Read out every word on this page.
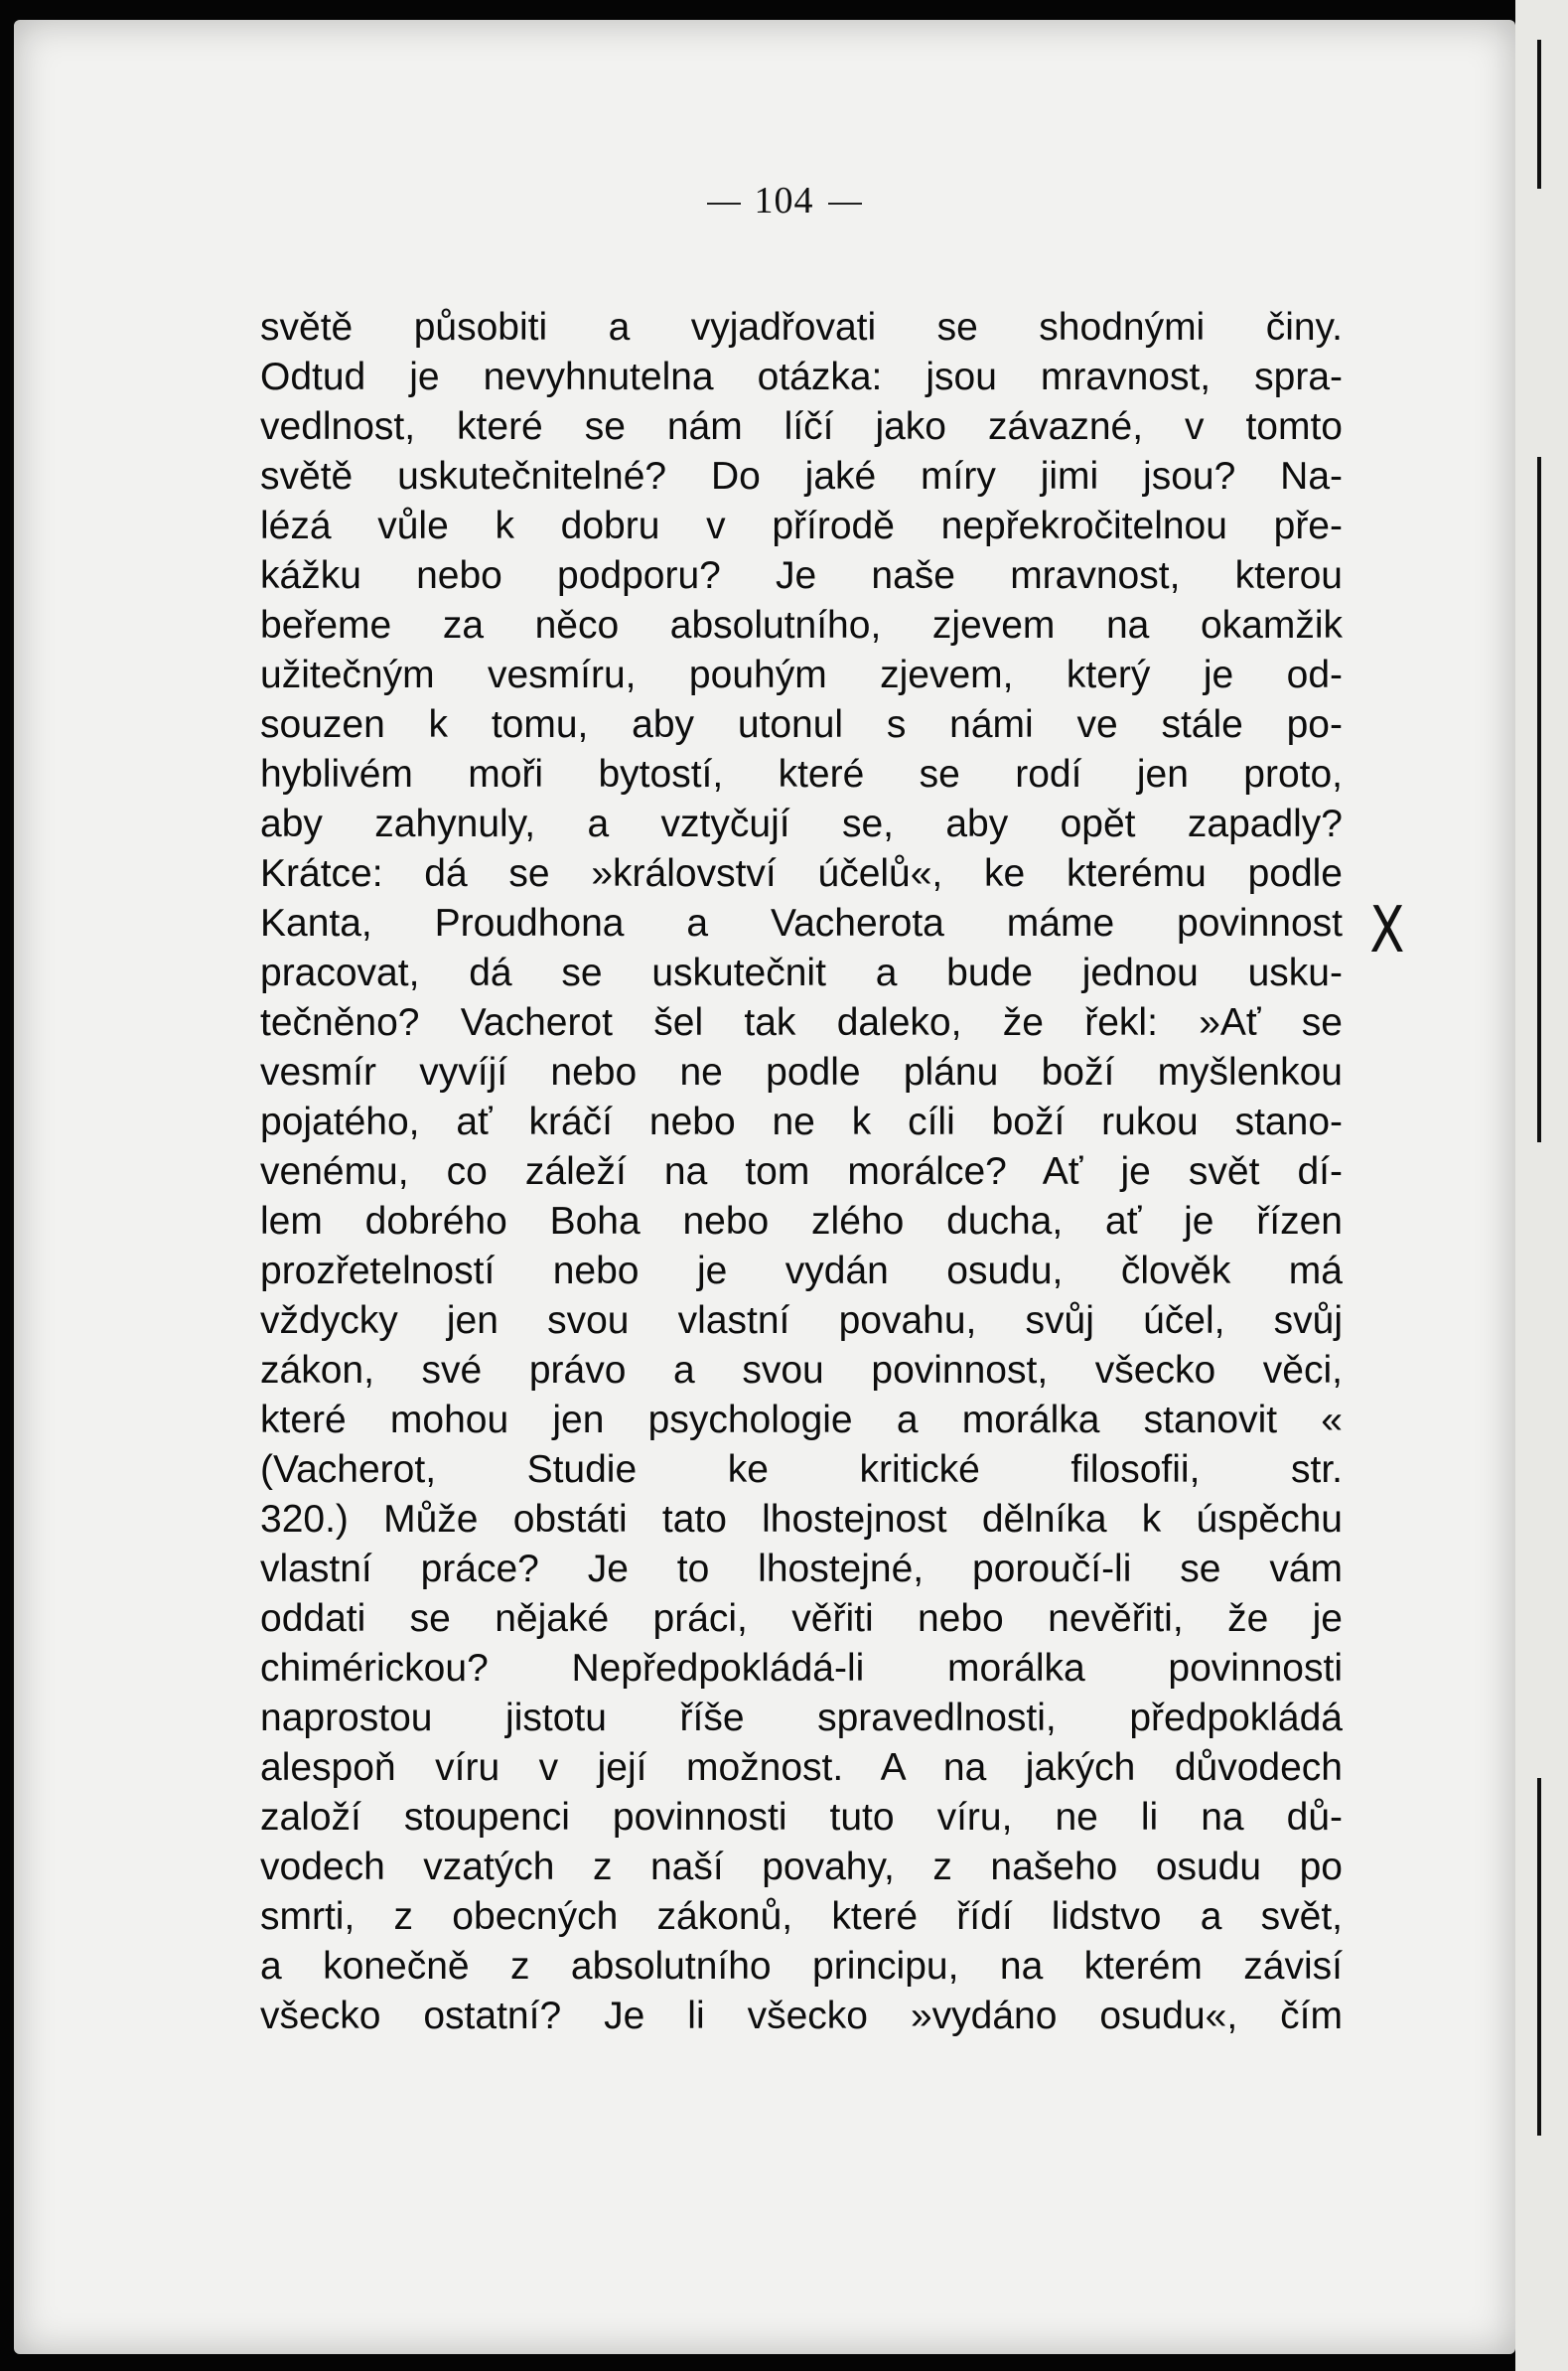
104
světě působiti a vyjadřovati se shodnými činy.
Odtud je nevyhnutelna otázka: jsou mravnost, spra-
vedlnost, které se nám líčí jako závazné, v tomto
světě uskutečnitelné? Do jaké míry jimi jsou? Na-
lézá vůle k dobru v přírodě nepřekročitelnou pře-
kážku nebo podporu? Je naše mravnost, kterou
beřeme za něco absolutního, zjevem na okamžik
užitečným vesmíru, pouhým zjevem, který je od-
souzen k tomu, aby utonul s námi ve stále po-
hyblivém moři bytostí, které se rodí jen proto,
aby zahynuly, a vztyčují se, aby opět zapadly?
Krátce: dá se »království účelů«, ke kterému podle
Kanta, Proudhona a Vacherota máme povinnost
pracovat, dá se uskutečnit a bude jednou usku-
tečněno? Vacherot šel tak daleko, že řekl: »Ať se
vesmír vyvíjí nebo ne podle plánu boží myšlenkou
pojatého, ať kráčí nebo ne k cíli boží rukou stano-
venému, co záleží na tom morálce? Ať je svět dí-
lem dobrého Boha nebo zlého ducha, ať je řízen
prozřetelností nebo je vydán osudu, člověk má
vždycky jen svou vlastní povahu, svůj účel, svůj
zákon, své právo a svou povinnost, všecko věci,
které mohou jen psychologie a morálka stanovit «
(Vacherot, Studie ke kritické filosofii, str.
320.) Může obstáti tato lhostejnost dělníka k úspěchu
vlastní práce? Je to lhostejné, poroučí-li se vám
oddati se nějaké práci, věřiti nebo nevěřiti, že je
chimérickou? Nepředpokládá-li morálka povinnosti
naprostou jistotu říše spravedlnosti, předpokládá
alespoň víru v její možnost. A na jakých důvodech
založí stoupenci povinnosti tuto víru, ne li na dů-
vodech vzatých z naší povahy, z našeho osudu po
smrti, z obecných zákonů, které řídí lidstvo a svět,
a konečně z absolutního principu, na kterém závisí
všecko ostatní? Je li všecko »vydáno osudu«, čím
X
